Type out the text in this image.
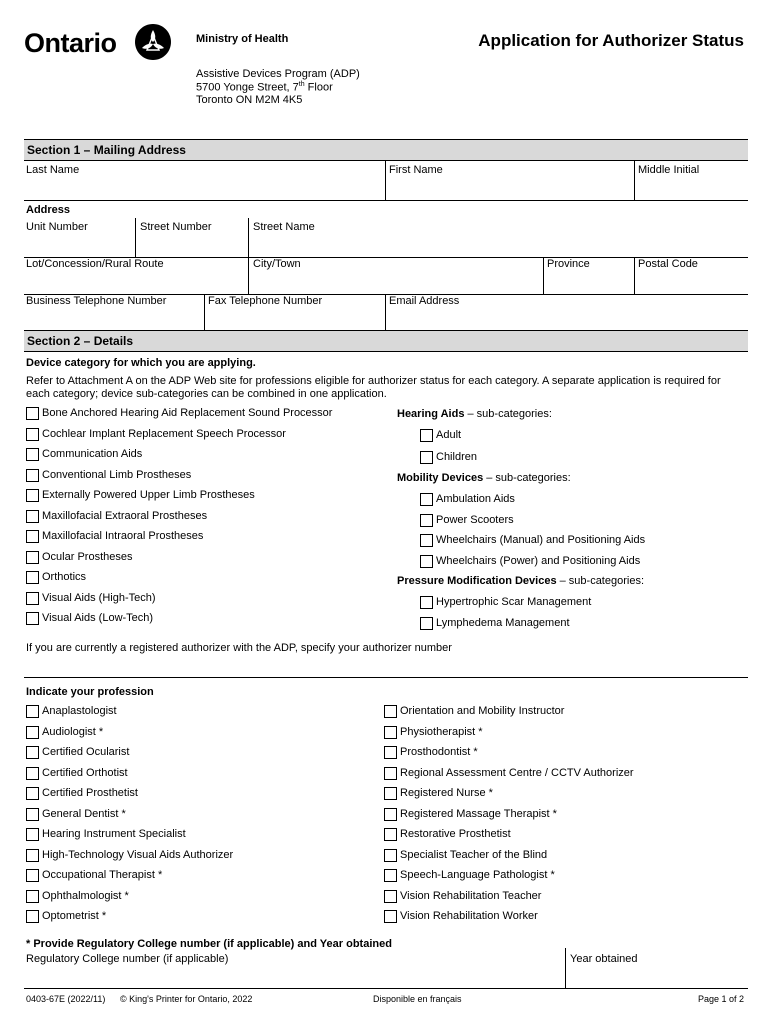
Ontario	Ministry of Health	Application for Authorizer Status
Assistive Devices Program (ADP)
5700 Yonge Street, 7th Floor
Toronto ON M2M 4K5
Section 1 – Mailing Address
Last Name	First Name	Middle Initial
Address
Unit Number	Street Number	Street Name
Lot/Concession/Rural Route	City/Town	Province	Postal Code
Business Telephone Number	Fax Telephone Number	Email Address
Section 2 – Details
Device category for which you are applying.
Refer to Attachment A on the ADP Web site for professions eligible for authorizer status for each category. A separate application is required for each category; device sub-categories can be combined in one application.
Bone Anchored Hearing Aid Replacement Sound Processor
Cochlear Implant Replacement Speech Processor
Communication Aids
Conventional Limb Prostheses
Externally Powered Upper Limb Prostheses
Maxillofacial Extraoral Prostheses
Maxillofacial Intraoral Prostheses
Ocular Prostheses
Orthotics
Visual Aids (High-Tech)
Visual Aids (Low-Tech)
Hearing Aids – sub-categories:
Mobility Devices – sub-categories:
Pressure Modification Devices – sub-categories:
Adult
Children
Ambulation Aids
Power Scooters
Wheelchairs (Manual) and Positioning Aids
Wheelchairs (Power) and Positioning Aids
Hypertrophic Scar Management
Lymphedema Management
If you are currently a registered authorizer with the ADP, specify your authorizer number
Indicate your profession
Anaplastologist
Audiologist *
Certified Ocularist
Certified Orthotist
Certified Prosthetist
General Dentist *
Hearing Instrument Specialist
High-Technology Visual Aids Authorizer
Occupational Therapist *
Ophthalmologist *
Optometrist *
Orientation and Mobility Instructor
Physiotherapist *
Prosthodontist *
Regional Assessment Centre / CCTV Authorizer
Registered Nurse *
Registered Massage Therapist *
Restorative Prosthetist
Specialist Teacher of the Blind
Speech-Language Pathologist *
Vision Rehabilitation Teacher
Vision Rehabilitation Worker
* Provide Regulatory College number (if applicable) and Year obtained
Regulatory College number (if applicable)	Year obtained
0403-67E (2022/11) © King's Printer for Ontario, 2022	Disponible en français	Page 1 of 2
